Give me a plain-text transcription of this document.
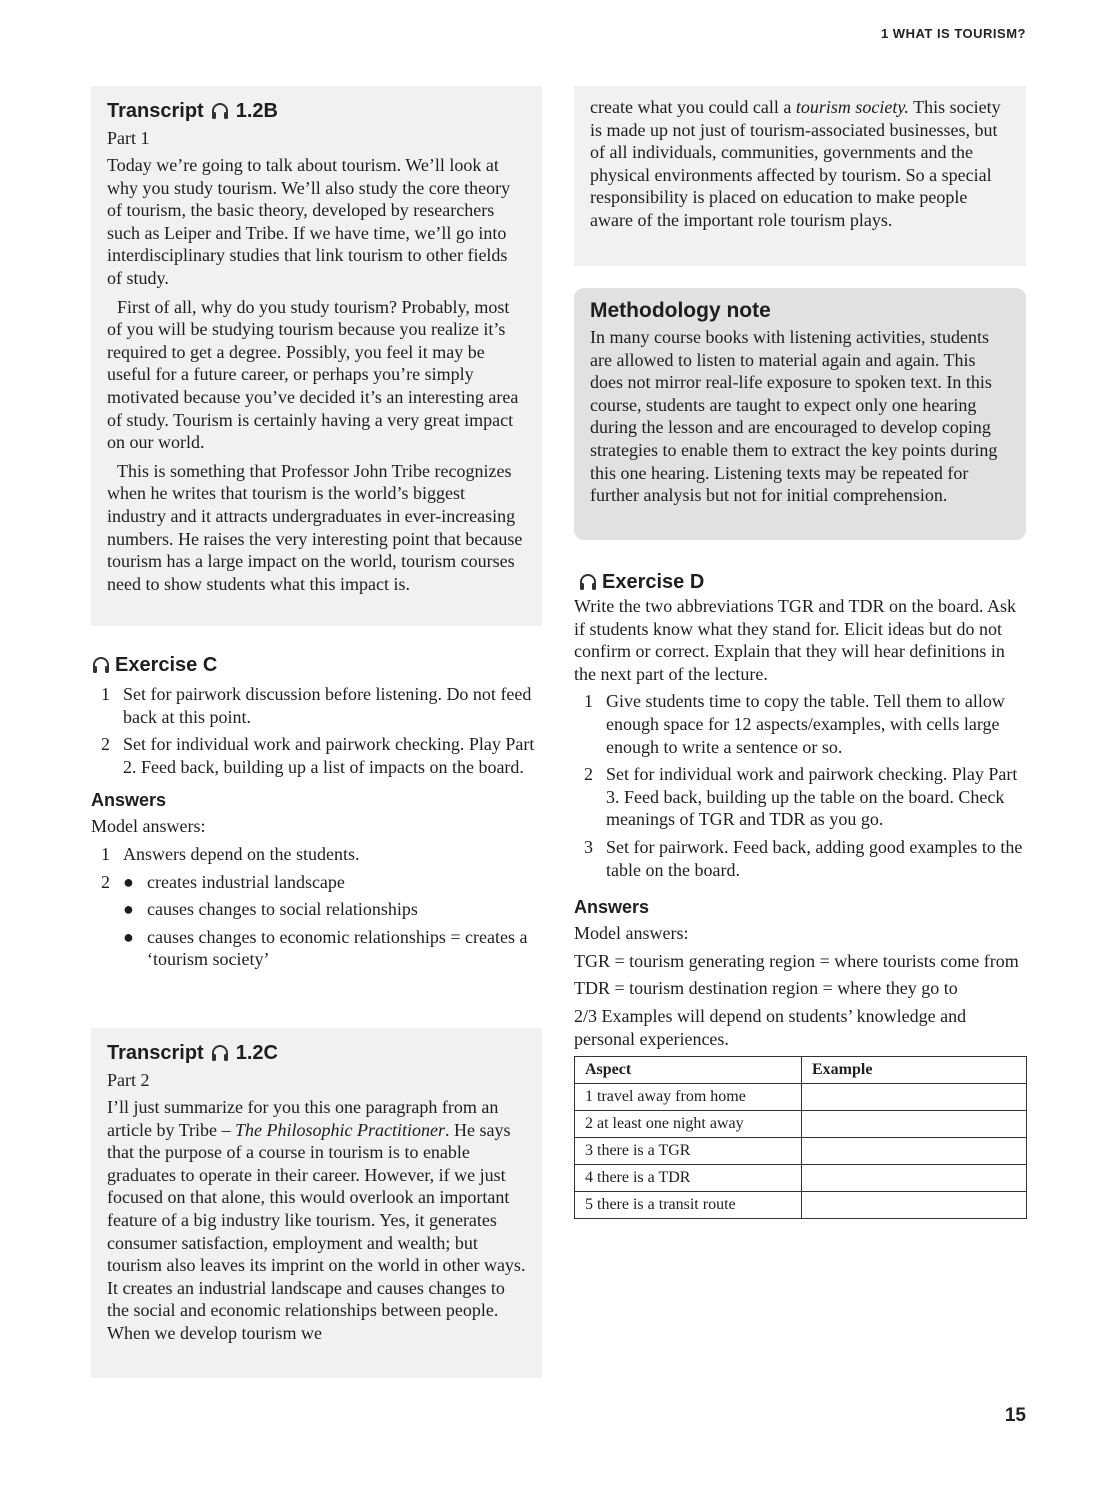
1 WHAT IS TOURISM?
Transcript 1.2B
Part 1

Today we’re going to talk about tourism. We’ll look at why you study tourism. We’ll also study the core theory of tourism, the basic theory, developed by researchers such as Leiper and Tribe. If we have time, we’ll go into interdisciplinary studies that link tourism to other fields of study.

First of all, why do you study tourism? Probably, most of you will be studying tourism because you realize it’s required to get a degree. Possibly, you feel it may be useful for a future career, or perhaps you’re simply motivated because you’ve decided it’s an interesting area of study. Tourism is certainly having a very great impact on our world.

This is something that Professor John Tribe recognizes when he writes that tourism is the world’s biggest industry and it attracts undergraduates in ever-increasing numbers. He raises the very interesting point that because tourism has a large impact on the world, tourism courses need to show students what this impact is.

create what you could call a tourism society. This society is made up not just of tourism-associated businesses, but of all individuals, communities, governments and the physical environments affected by tourism. So a special responsibility is placed on education to make people aware of the important role tourism plays.

Methodology note

In many course books with listening activities, students are allowed to listen to material again and again. This does not mirror real-life exposure to spoken text. In this course, students are taught to expect only one hearing during the lesson and are encouraged to develop coping strategies to enable them to extract the key points during this one hearing. Listening texts may be repeated for further analysis but not for initial comprehension.

Exercise C
1 Set for pairwork discussion before listening. Do not feed back at this point.
2 Set for individual work and pairwork checking. Play Part 2. Feed back, building up a list of impacts on the board.
Answers

Model answers:

1 Answers depend on the students.
2 ● creates industrial landscape
● causes changes to social relationships
● causes changes to economic relationships = creates a ‘tourism society’
Transcript 1.2C
Part 2

I’ll just summarize for you this one paragraph from an article by Tribe – The Philosophic Practitioner. He says that the purpose of a course in tourism is to enable graduates to operate in their career. However, if we just focused on that alone, this would overlook an important feature of a big industry like tourism. Yes, it generates consumer satisfaction, employment and wealth; but tourism also leaves its imprint on the world in other ways. It creates an industrial landscape and causes changes to the social and economic relationships between people. When we develop tourism we

Exercise D

Write the two abbreviations TGR and TDR on the board. Ask if students know what they stand for. Elicit ideas but do not confirm or correct. Explain that they will hear definitions in the next part of the lecture.

1 Give students time to copy the table. Tell them to allow enough space for 12 aspects/examples, with cells large enough to write a sentence or so.
2 Set for individual work and pairwork checking. Play Part 3. Feed back, building up the table on the board. Check meanings of TGR and TDR as you go.
3 Set for pairwork. Feed back, adding good examples to the table on the board.
Answers

Model answers:

TGR = tourism generating region = where tourists come from

TDR = tourism destination region = where they go to

2/3 Examples will depend on students’ knowledge and personal experiences.

Aspect	Example
1 travel away from home	
2 at least one night away	
3 there is a TGR	
4 there is a TDR	
5 there is a transit route	
15
